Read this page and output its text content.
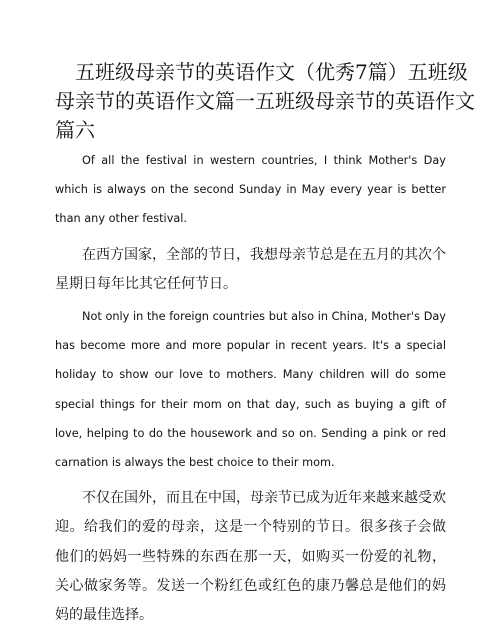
五班级母亲节的英语作文（优秀7篇）五班级母亲节的英语作文篇一五班级母亲节的英语作文篇六

Of all the festival in western countries, I think Mother's Day which is always on the second Sunday in May every year is better than any other festival.

在西方国家，全部的节日，我想母亲节总是在五月的其次个星期日每年比其它任何节日。

Not only in the foreign countries but also in China, Mother's Day has become more and more popular in recent years. It's a special holiday to show our love to mothers. Many children will do some special things for their mom on that day, such as buying a gift of love, helping to do the housework and so on. Sending a pink or red carnation is always the best choice to their mom.

不仅在国外，而且在中国，母亲节已成为近年来越来越受欢迎。给我们的爱的母亲，这是一个特别的节日。很多孩子会做他们的妈妈一些特殊的东西在那一天，如购买一份爱的礼物，关心做家务等。发送一个粉红色或红色的康乃馨总是他们的妈妈的最佳选择。
